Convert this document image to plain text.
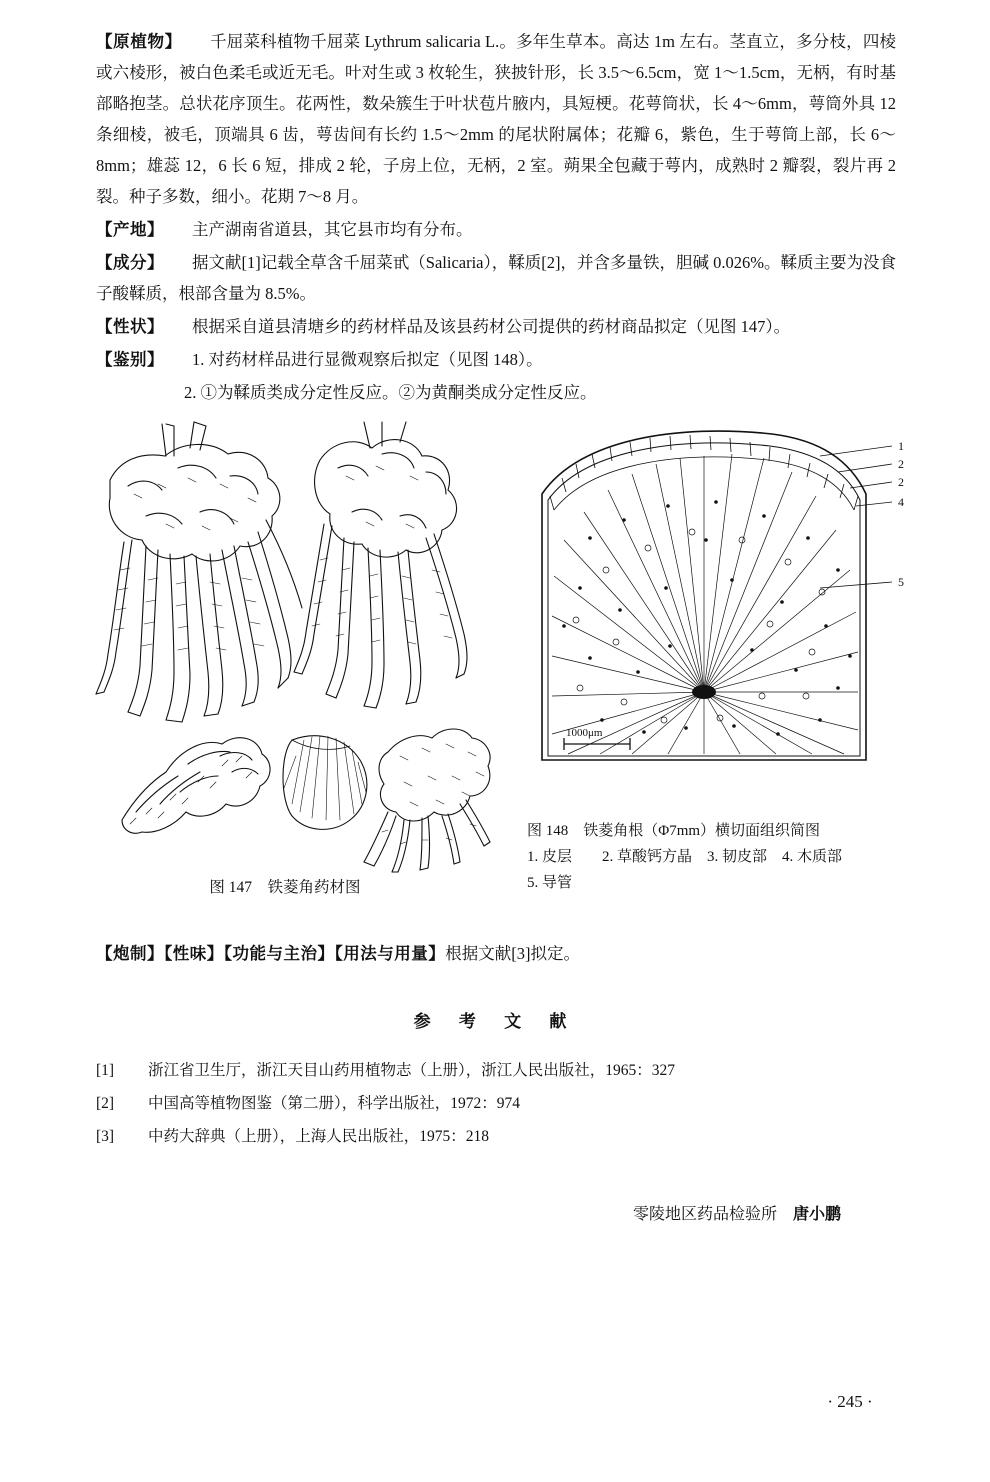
【原植物】 千屈菜科植物千屈菜 Lythrum salicaria L.。多年生草本。高达 1m 左右。茎直立，多分枝，四棱或六棱形，被白色柔毛或近无毛。叶对生或 3 枚轮生，狭披针形，长 3.5～6.5cm，宽 1～1.5cm，无柄，有时基部略抱茎。总状花序顶生。花两性，数朵簇生于叶状苞片腋内，具短梗。花萼筒状，长 4～6mm，萼筒外具 12 条细棱，被毛，顶端具 6 齿，萼齿间有长约 1.5～2mm 的尾状附属体；花瓣 6，紫色，生于萼筒上部，长 6～8mm；雄蕊 12，6 长 6 短，排成 2 轮，子房上位，无柄，2 室。蒴果全包藏于萼内，成熟时 2 瓣裂，裂片再 2 裂。种子多数，细小。花期 7～8 月。

【产地】 主产湖南省道县，其它县市均有分布。

【成分】 据文献[1]记载全草含千屈菜甙（Salicaria），鞣质[2]，并含多量铁，胆碱 0.026%。鞣质主要为没食子酸鞣质，根部含量为 8.5%。

【性状】 根据采自道县清塘乡的药材样品及该县药材公司提供的药材商品拟定（见图 147）。

【鉴别】 1. 对药材样品进行显微观察后拟定（见图 148）。

2. ①为鞣质类成分定性反应。②为黄酮类成分定性反应。

图 147　铁菱角药材图
1000μm
1
2
2
4
5
图 148　铁菱角根（Φ7mm）横切面组织简图
1. 皮层　　2. 草酸钙方晶　3. 韧皮部　4. 木质部
5. 导管

【炮制】【性味】【功能与主治】【用法与用量】根据文献[3]拟定。

参 考 文 献
[1] 浙江省卫生厅，浙江天目山药用植物志（上册），浙江人民出版社，1965：327
[2] 中国高等植物图鉴（第二册），科学出版社，1972：974
[3] 中药大辞典（上册），上海人民出版社，1975：218
零陵地区药品检验所 唐小鹏
· 245 ·
